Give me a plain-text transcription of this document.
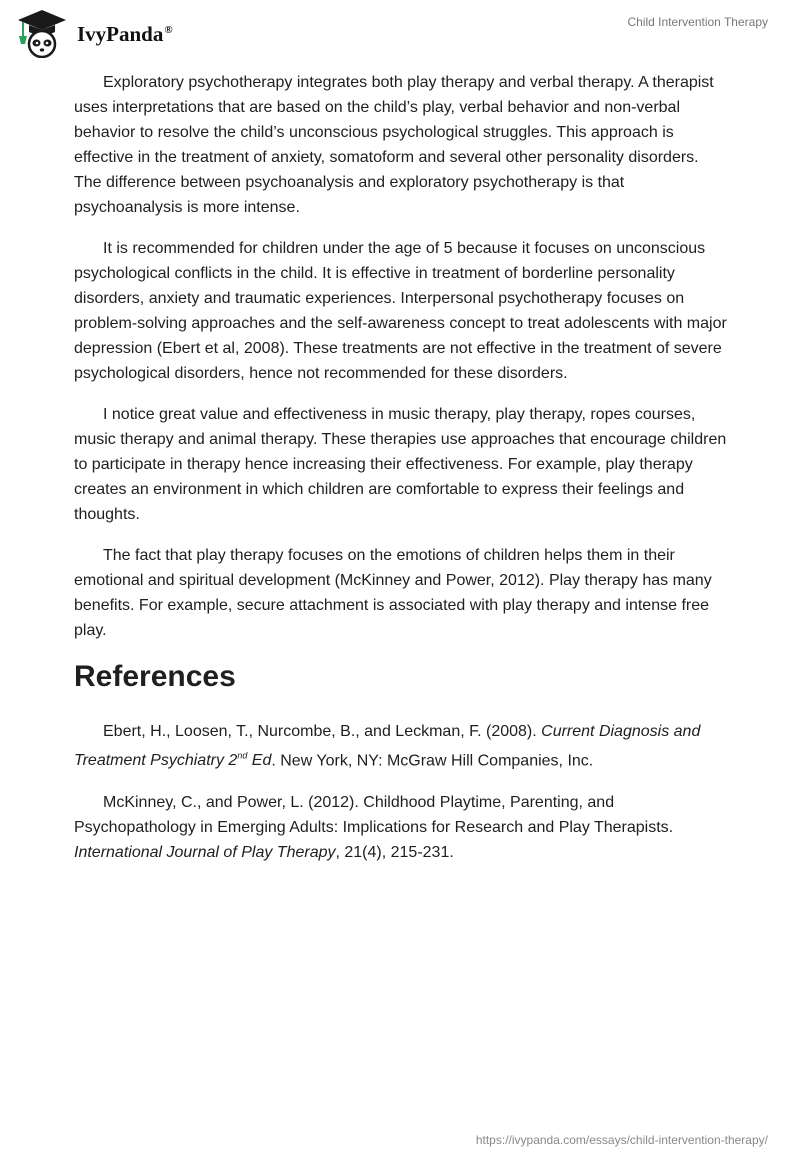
IvyPanda®
Child Intervention Therapy

Exploratory psychotherapy integrates both play therapy and verbal therapy. A therapist uses interpretations that are based on the child’s play, verbal behavior and non-verbal behavior to resolve the child’s unconscious psychological struggles. This approach is effective in the treatment of anxiety, somatoform and several other personality disorders. The difference between psychoanalysis and exploratory psychotherapy is that psychoanalysis is more intense.

It is recommended for children under the age of 5 because it focuses on unconscious psychological conflicts in the child. It is effective in treatment of borderline personality disorders, anxiety and traumatic experiences. Interpersonal psychotherapy focuses on problem-solving approaches and the self-awareness concept to treat adolescents with major depression (Ebert et al, 2008). These treatments are not effective in the treatment of severe psychological disorders, hence not recommended for these disorders.

I notice great value and effectiveness in music therapy, play therapy, ropes courses, music therapy and animal therapy. These therapies use approaches that encourage children to participate in therapy hence increasing their effectiveness. For example, play therapy creates an environment in which children are comfortable to express their feelings and thoughts.

The fact that play therapy focuses on the emotions of children helps them in their emotional and spiritual development (McKinney and Power, 2012). Play therapy has many benefits. For example, secure attachment is associated with play therapy and intense free play.

References

Ebert, H., Loosen, T., Nurcombe, B., and Leckman, F. (2008). Current Diagnosis and Treatment Psychiatry 2nd Ed. New York, NY: McGraw Hill Companies, Inc.

McKinney, C., and Power, L. (2012). Childhood Playtime, Parenting, and Psychopathology in Emerging Adults: Implications for Research and Play Therapists. International Journal of Play Therapy, 21(4), 215-231.

https://ivypanda.com/essays/child-intervention-therapy/
